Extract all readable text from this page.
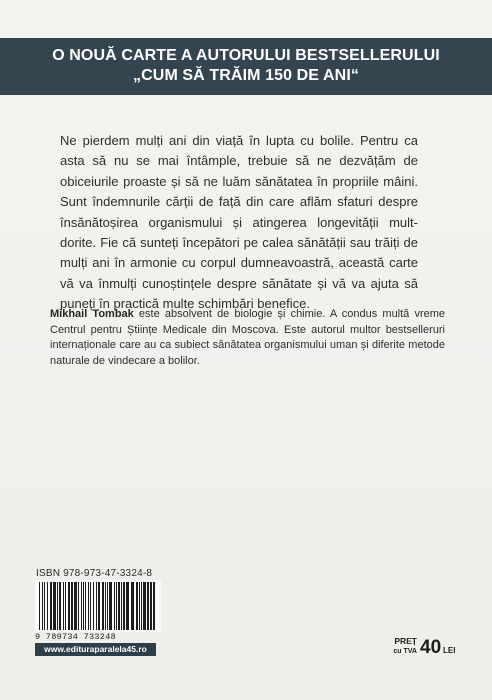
O NOUĂ CARTE A AUTORULUI BESTSELLERULUI
„CUM SĂ TRĂIM 150 DE ANI“

Ne pierdem mulți ani din viață în lupta cu bolile. Pentru ca asta să nu se mai întâmple, trebuie să ne dezvățăm de obiceiurile proaste și să ne luăm sănătatea în propriile mâini. Sunt îndemnurile cărții de față din care aflăm sfaturi despre însănătoșirea organismului și atingerea longevității mult-dorite. Fie că sunteți începători pe calea sănătății sau trăiți de mulți ani în armonie cu corpul dumneavoastră, această carte vă va înmulți cunoștințele despre sănătate și vă va ajuta să puneți în practică multe schimbări benefice.

Mikhail Tombak este absolvent de biologie și chimie. A condus multă vreme Centrul pentru Științe Medicale din Moscova. Este autorul multor bestselleruri internaționale care au ca subiect sănătatea organismului uman și diferite metode naturale de vindecare a bolilor.

ISBN 978-973-47-3324-8
9 789734 733248
www.edituraparalela45.ro
PREȚ
cu TVA 40 LEI
